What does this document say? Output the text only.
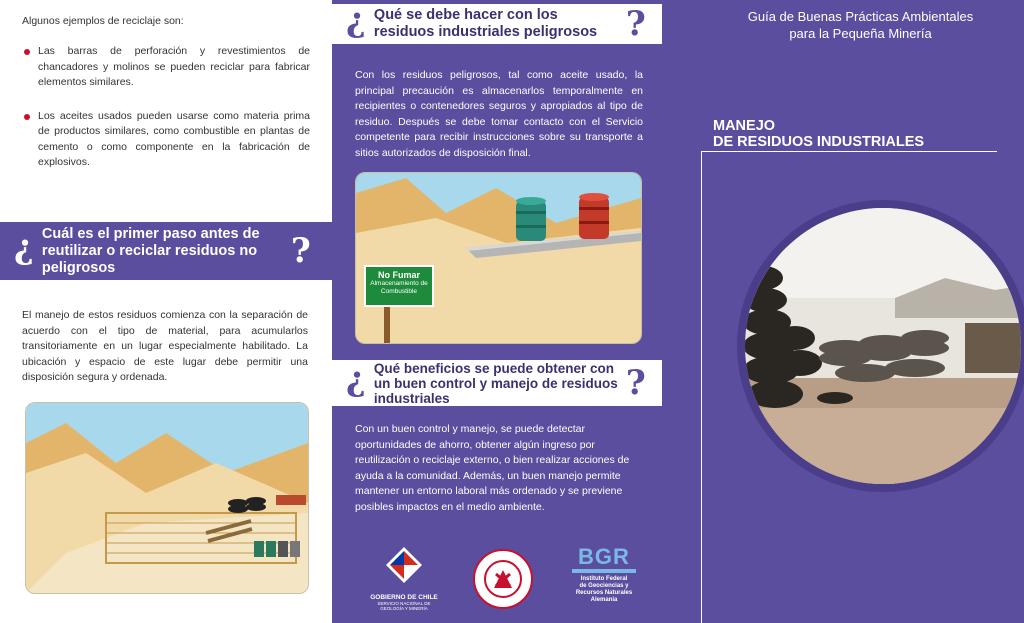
Algunos ejemplos de reciclaje son:
Las barras de perforación y revestimientos de chancadores y molinos se pueden reciclar para fabricar elementos similares.
Los aceites usados pueden usarse como materia prima de productos similares, como combustible en plantas de cemento o como componente en la fabricación de explosivos.
? Cuál es el primer paso antes de reutilizar o reciclar residuos no peligrosos	?
El manejo de estos residuos comienza con la separación de acuerdo con el tipo de material, para acumularlos transitoriamente en un lugar especialmente habilitado. La ubicación y espacio de este lugar debe permitir una disposición segura y ordenada.
? Qué se debe hacer con los residuos industriales peligrosos ?
Con los residuos peligrosos, tal como aceite usado, la principal precaución es almacenarlos temporalmente en recipientes o contenedores seguros y apropiados al tipo de residuo. Después se debe tomar contacto con el Servicio competente para recibir instrucciones sobre su transporte a sitios autorizados de disposición final.
No Fumar
Almacenamiento de Combustible
? Qué beneficios se puede obtener con un buen control y manejo de residuos industriales	?
Con un buen control y manejo, se puede detectar oportunidades de ahorro, obtener algún ingreso por reutilización o reciclaje externo, o bien realizar acciones de ayuda a la comunidad. Además, un buen manejo permite mantener un entorno laboral más ordenado y se previene posibles impactos en el medio ambiente.
GOBIERNO DE CHILE
SERVICIO NACIONAL DE
GEOLOGÍA Y MINERÍA
BGR
Instituto Federal
de Geociencias y
Recursos Naturales
Alemania
Guía de Buenas Prácticas Ambientales
para la Pequeña Minería
MANEJO
DE RESIDUOS INDUSTRIALES
